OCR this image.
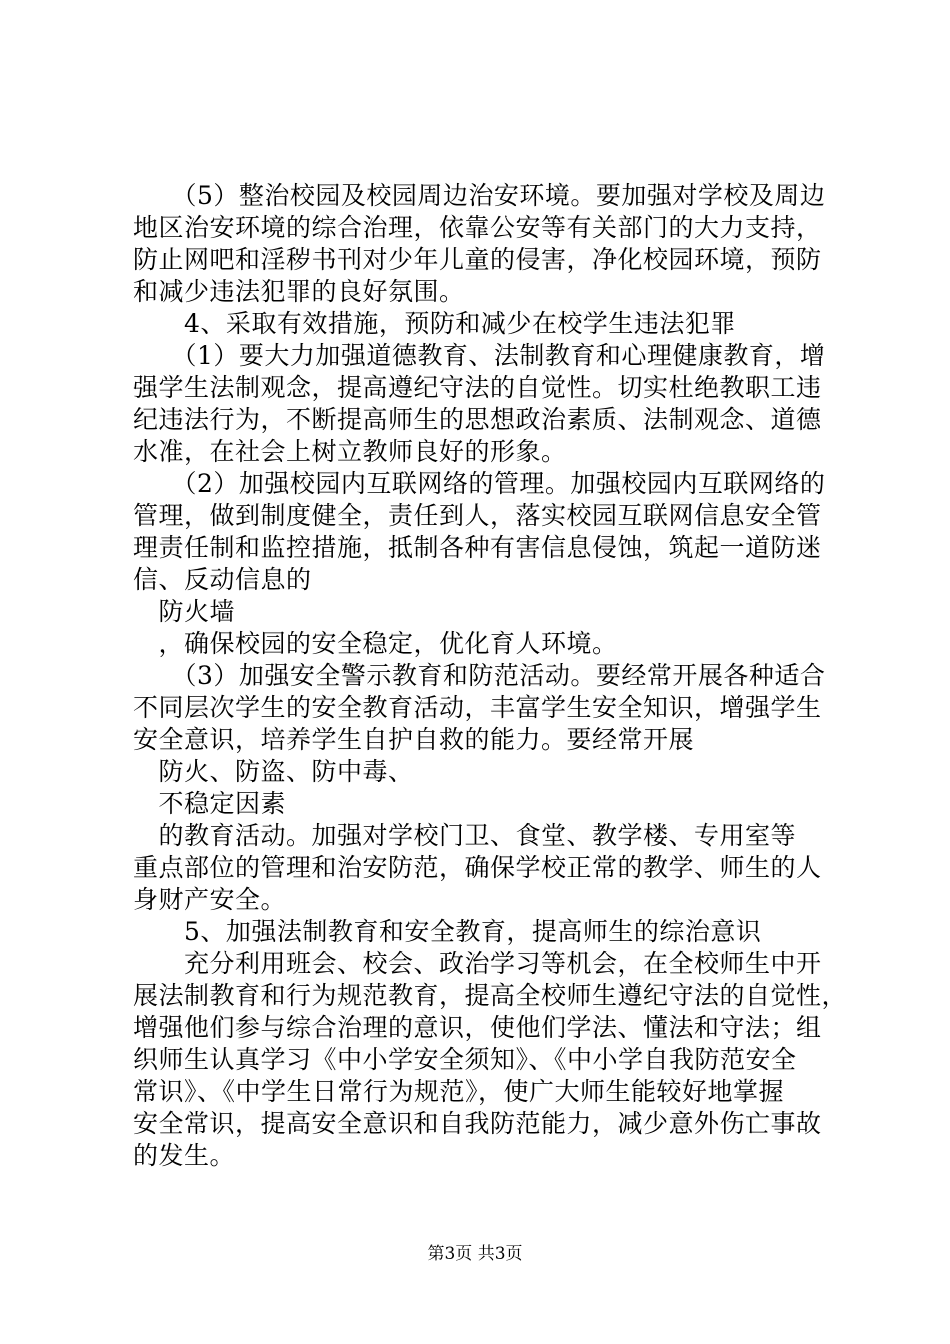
　　（5）整治校园及校园周边治安环境。要加强对学校及周边
地区治安环境的综合治理，依靠公安等有关部门的大力支持，
防止网吧和淫秽书刊对少年儿童的侵害，净化校园环境，预防
和减少违法犯罪的良好氛围。
　　4、采取有效措施，预防和减少在校学生违法犯罪
　　（1）要大力加强道德教育、法制教育和心理健康教育，增
强学生法制观念，提高遵纪守法的自觉性。切实杜绝教职工违
纪违法行为，不断提高师生的思想政治素质、法制观念、道德
水准，在社会上树立教师良好的形象。
　　（2）加强校园内互联网络的管理。加强校园内互联网络的
管理，做到制度健全，责任到人，落实校园互联网信息安全管
理责任制和监控措施，抵制各种有害信息侵蚀，筑起一道防迷
信、反动信息的
　防火墙
　，确保校园的安全稳定，优化育人环境。
　　（3）加强安全警示教育和防范活动。要经常开展各种适合
不同层次学生的安全教育活动，丰富学生安全知识，增强学生
安全意识，培养学生自护自救的能力。要经常开展
　防火、防盗、防中毒、
　不稳定因素
　的教育活动。加强对学校门卫、食堂、教学楼、专用室等
重点部位的管理和治安防范，确保学校正常的教学、师生的人
身财产安全。
　　5、加强法制教育和安全教育，提高师生的综治意识
　　充分利用班会、校会、政治学习等机会，在全校师生中开
展法制教育和行为规范教育，提高全校师生遵纪守法的自觉性，
增强他们参与综合治理的意识，使他们学法、懂法和守法；组
织师生认真学习《中小学安全须知》、《中小学自我防范安全
常识》、《中学生日常行为规范》，使广大师生能较好地掌握
安全常识，提高安全意识和自我防范能力，减少意外伤亡事故
的发生。
第3页 共3页
